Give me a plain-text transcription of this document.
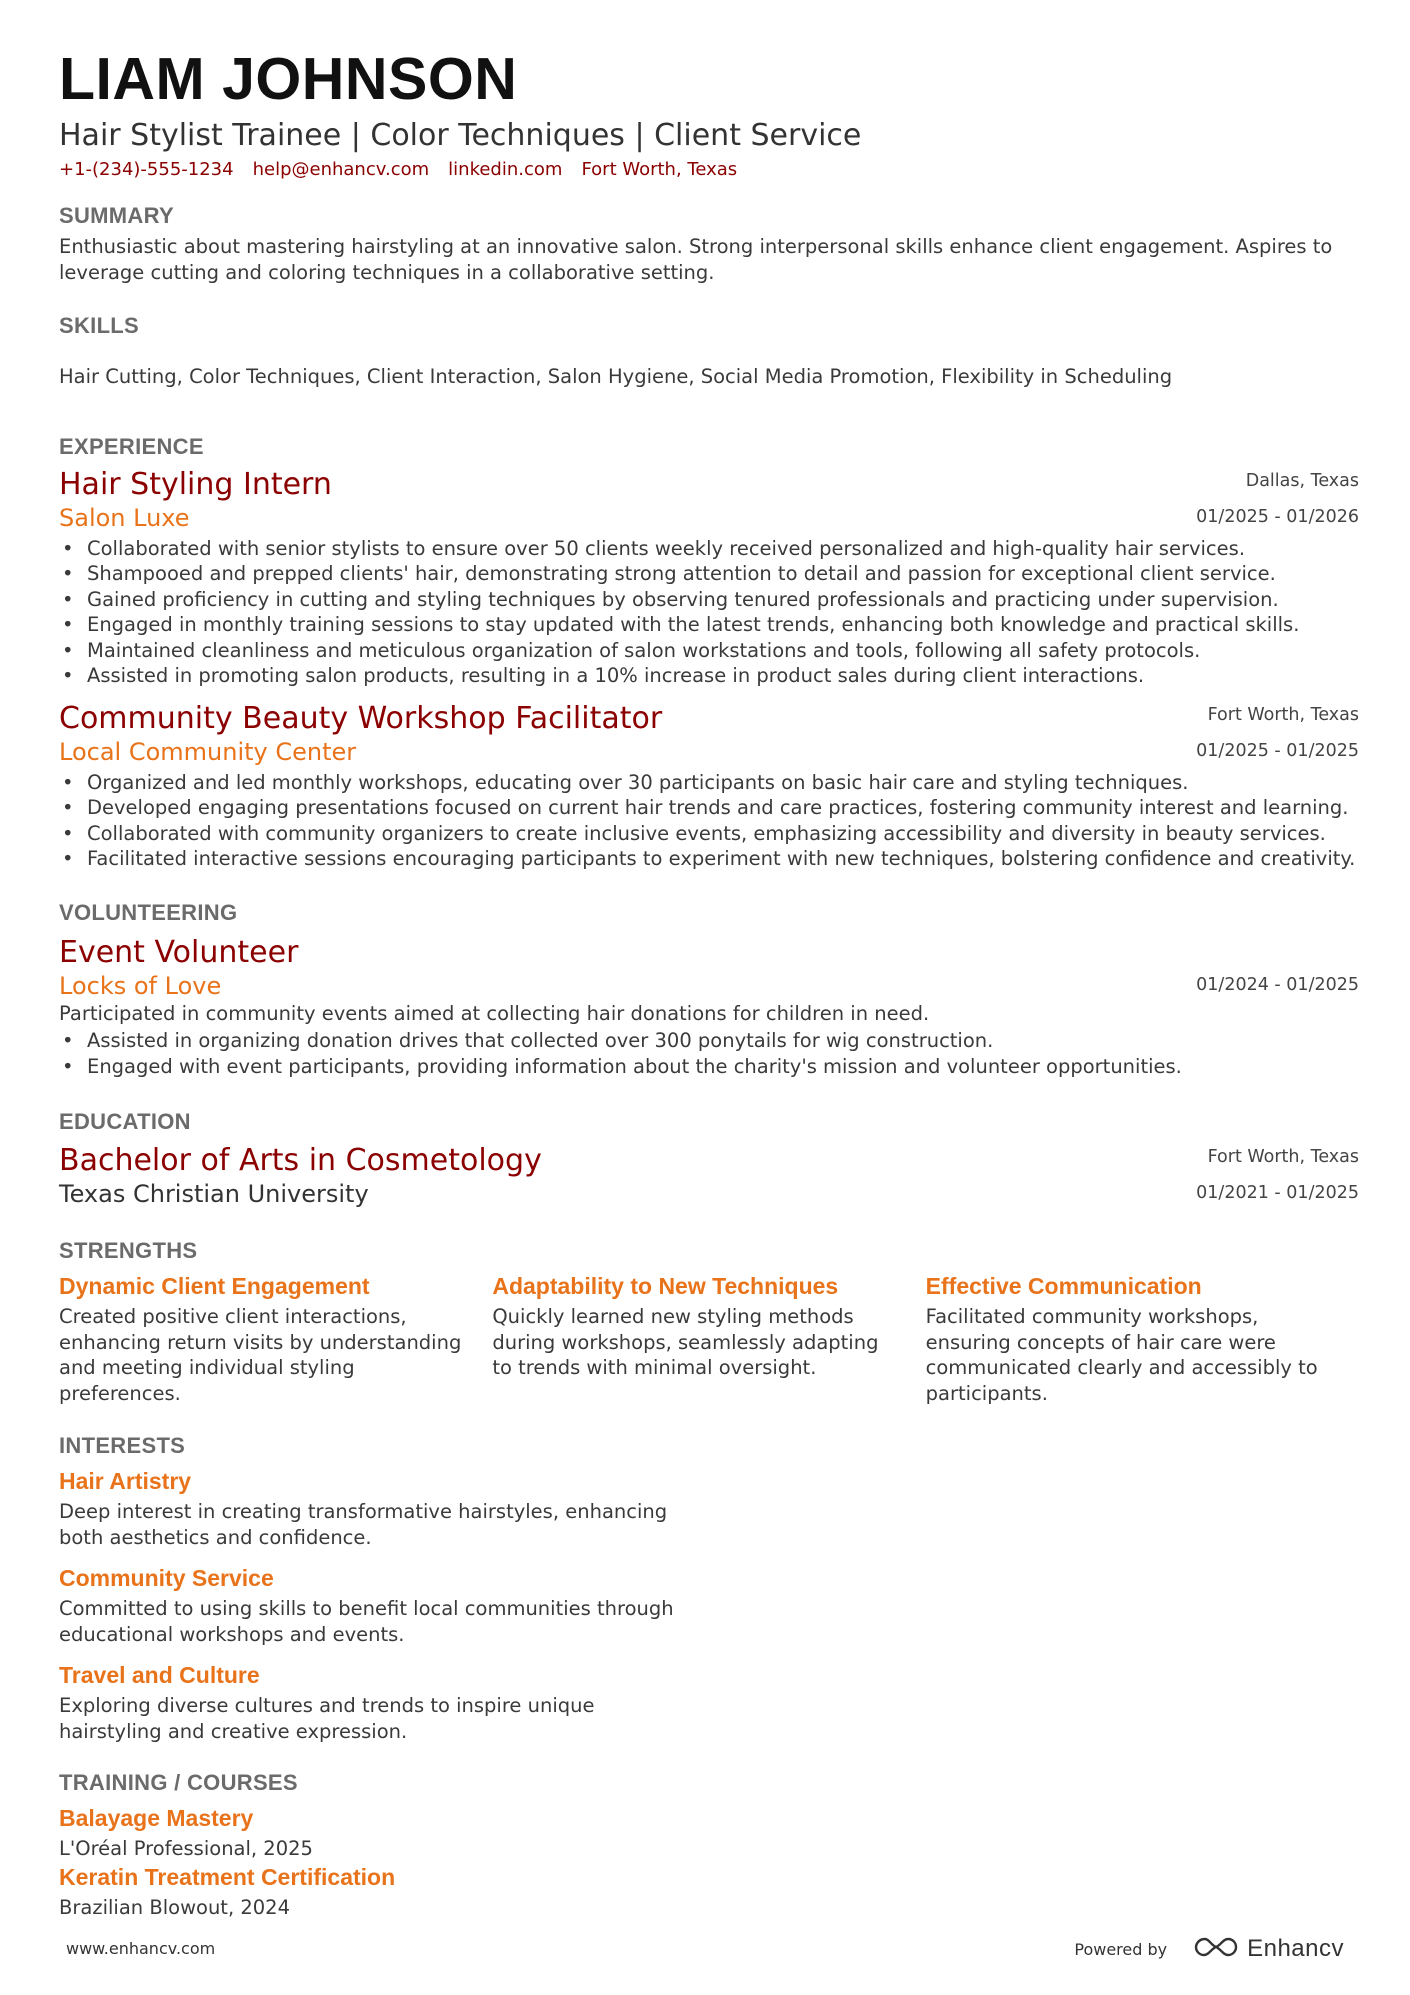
LIAM JOHNSON
Hair Stylist Trainee | Color Techniques | Client Service
+1-(234)-555-1234 help@enhancv.com linkedin.com Fort Worth, Texas
SUMMARY
Enthusiastic about mastering hairstyling at an innovative salon. Strong interpersonal skills enhance client engagement. Aspires to leverage cutting and coloring techniques in a collaborative setting.
SKILLS
Hair Cutting, Color Techniques, Client Interaction, Salon Hygiene, Social Media Promotion, Flexibility in Scheduling
EXPERIENCE
Dallas, Texas
01/2025 - 01/2026
Hair Styling Intern
Salon Luxe
• Collaborated with senior stylists to ensure over 50 clients weekly received personalized and high-quality hair services.
• Shampooed and prepped clients' hair, demonstrating strong attention to detail and passion for exceptional client service.
• Gained proficiency in cutting and styling techniques by observing tenured professionals and practicing under supervision.
• Engaged in monthly training sessions to stay updated with the latest trends, enhancing both knowledge and practical skills.
• Maintained cleanliness and meticulous organization of salon workstations and tools, following all safety protocols.
• Assisted in promoting salon products, resulting in a 10% increase in product sales during client interactions.
Fort Worth, Texas
01/2025 - 01/2025
Community Beauty Workshop Facilitator
Local Community Center
• Organized and led monthly workshops, educating over 30 participants on basic hair care and styling techniques.
• Developed engaging presentations focused on current hair trends and care practices, fostering community interest and learning.
• Collaborated with community organizers to create inclusive events, emphasizing accessibility and diversity in beauty services.
• Facilitated interactive sessions encouraging participants to experiment with new techniques, bolstering confidence and creativity.
VOLUNTEERING
01/2024 - 01/2025
Event Volunteer
Locks of Love
Participated in community events aimed at collecting hair donations for children in need.
• Assisted in organizing donation drives that collected over 300 ponytails for wig construction.
• Engaged with event participants, providing information about the charity's mission and volunteer opportunities.
EDUCATION
Fort Worth, Texas
01/2021 - 01/2025
Bachelor of Arts in Cosmetology
Texas Christian University
STRENGTHS
Dynamic Client Engagement
Created positive client interactions, enhancing return visits by understanding and meeting individual styling preferences.
Adaptability to New Techniques
Quickly learned new styling methods during workshops, seamlessly adapting to trends with minimal oversight.
Effective Communication
Facilitated community workshops, ensuring concepts of hair care were communicated clearly and accessibly to participants.
INTERESTS
Hair Artistry
Deep interest in creating transformative hairstyles, enhancing both aesthetics and confidence.
Community Service
Committed to using skills to benefit local communities through educational workshops and events.
Travel and Culture
Exploring diverse cultures and trends to inspire unique hairstyling and creative expression.
TRAINING / COURSES
Balayage Mastery
L'Oréal Professional, 2025
Keratin Treatment Certification
Brazilian Blowout, 2024
www.enhancv.com	Powered by	Enhancv
